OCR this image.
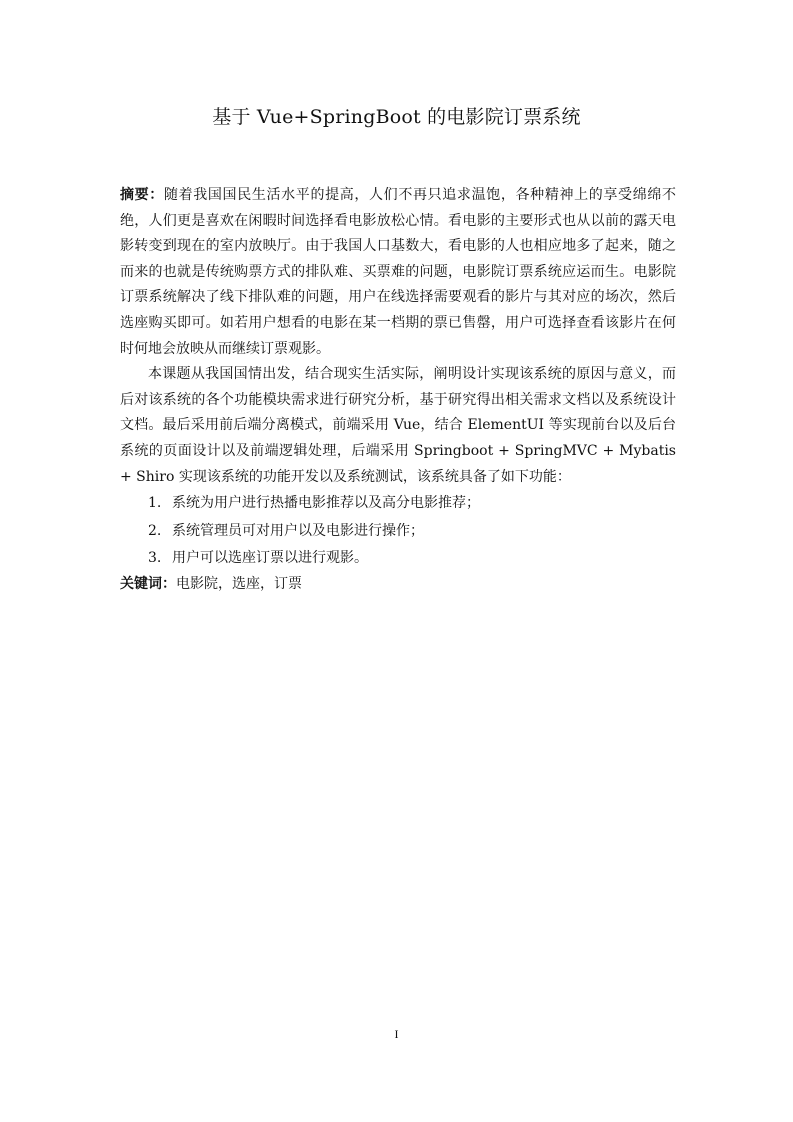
基于 Vue+SpringBoot 的电影院订票系统

摘要：随着我国国民生活水平的提高，人们不再只追求温饱，各种精神上的享受绵绵不绝，人们更是喜欢在闲暇时间选择看电影放松心情。看电影的主要形式也从以前的露天电影转变到现在的室内放映厅。由于我国人口基数大，看电影的人也相应地多了起来，随之而来的也就是传统购票方式的排队难、买票难的问题，电影院订票系统应运而生。电影院订票系统解决了线下排队难的问题，用户在线选择需要观看的影片与其对应的场次，然后选座购买即可。如若用户想看的电影在某一档期的票已售罄，用户可选择查看该影片在何时何地会放映从而继续订票观影。

本课题从我国国情出发，结合现实生活实际，阐明设计实现该系统的原因与意义，而后对该系统的各个功能模块需求进行研究分析，基于研究得出相关需求文档以及系统设计文档。最后采用前后端分离模式，前端采用 Vue，结合 ElementUI 等实现前台以及后台系统的页面设计以及前端逻辑处理，后端采用 Springboot + SpringMVC + Mybatis + Shiro 实现该系统的功能开发以及系统测试，该系统具备了如下功能：

1. 系统为用户进行热播电影推荐以及高分电影推荐；
2. 系统管理员可对用户以及电影进行操作；
3. 用户可以选座订票以进行观影。

关键词：电影院，选座，订票

I
